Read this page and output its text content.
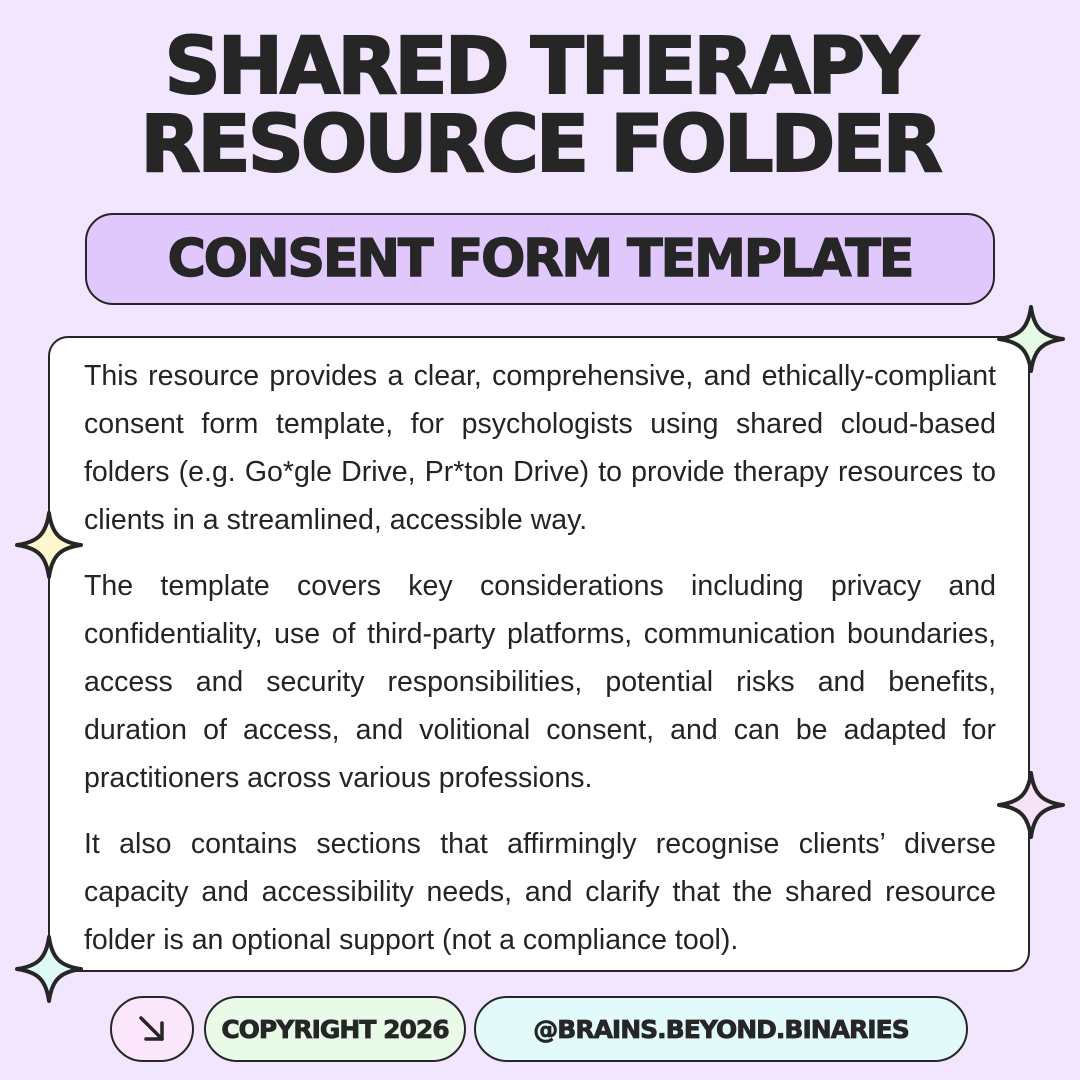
SHARED THERAPY
RESOURCE FOLDER
CONSENT FORM TEMPLATE

This resource provides a clear, comprehensive, and ethically-compliant consent form template, for psychologists using shared cloud-based folders (e.g. Go*gle Drive, Pr*ton Drive) to provide therapy resources to clients in a streamlined, accessible way.

The template covers key considerations including privacy and confidentiality, use of third-party platforms, communication boundaries, access and security responsibilities, potential risks and benefits, duration of access, and volitional consent, and can be adapted for practitioners across various professions.

It also contains sections that affirmingly recognise clients’ diverse capacity and accessibility needs, and clarify that the shared resource folder is an optional support (not a compliance tool).

COPYRIGHT 2026	@BRAINS.BEYOND.BINARIES
